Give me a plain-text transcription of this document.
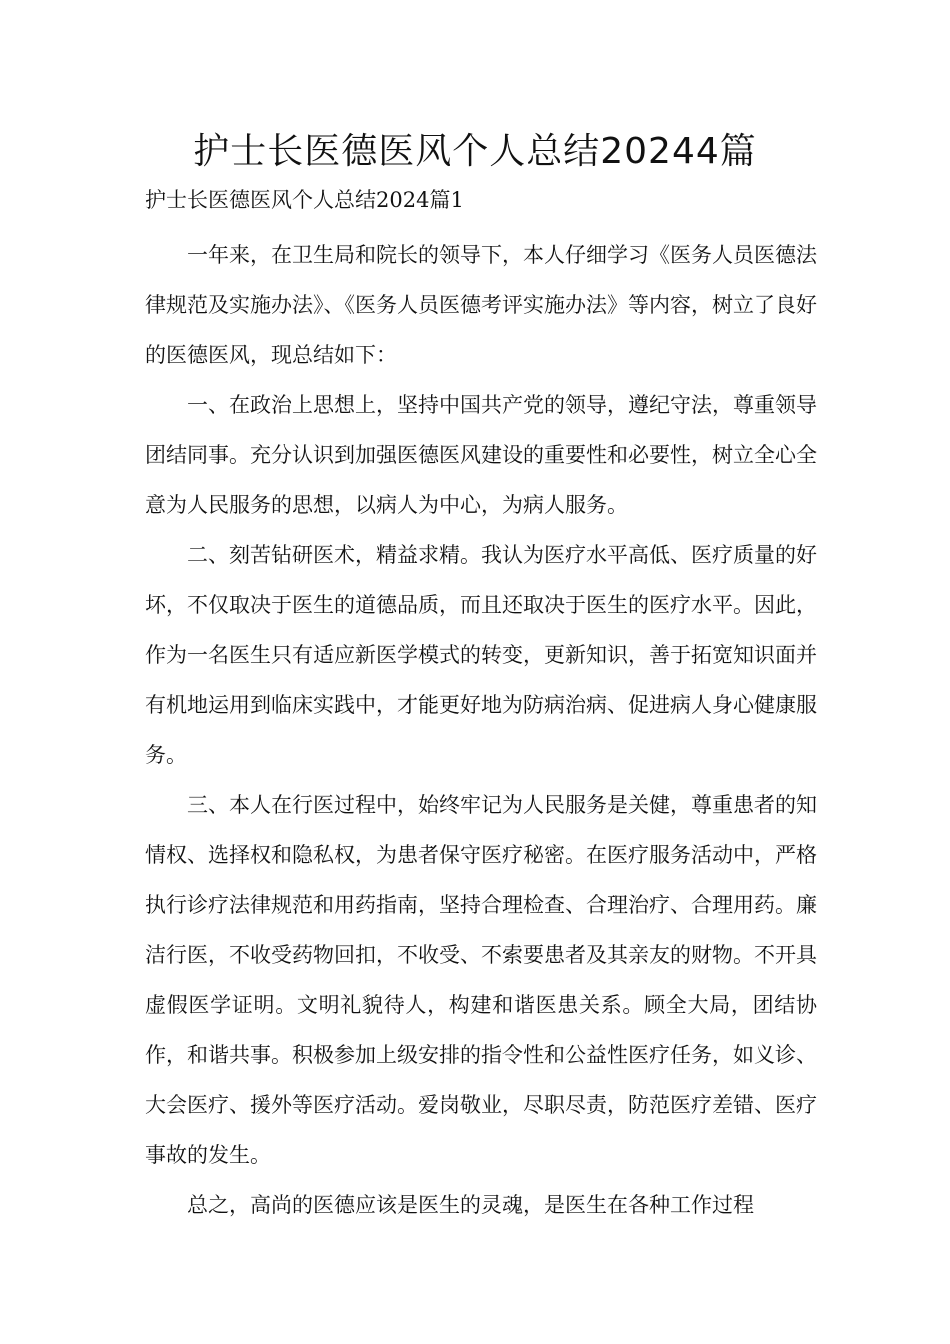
护士长医德医风个人总结20244篇

护士长医德医风个人总结2024篇1

一年来，在卫生局和院长的领导下，本人仔细学习《医务人员医德法律规范及实施办法》、《医务人员医德考评实施办法》等内容，树立了良好的医德医风，现总结如下：

一、在政治上思想上，坚持中国共产党的领导，遵纪守法，尊重领导团结同事。充分认识到加强医德医风建设的重要性和必要性，树立全心全意为人民服务的思想，以病人为中心，为病人服务。

二、刻苦钻研医术，精益求精。我认为医疗水平高低、医疗质量的好坏，不仅取决于医生的道德品质，而且还取决于医生的医疗水平。因此，作为一名医生只有适应新医学模式的转变，更新知识，善于拓宽知识面并有机地运用到临床实践中，才能更好地为防病治病、促进病人身心健康服务。

三、本人在行医过程中，始终牢记为人民服务是关健，尊重患者的知情权、选择权和隐私权，为患者保守医疗秘密。在医疗服务活动中，严格执行诊疗法律规范和用药指南，坚持合理检查、合理治疗、合理用药。廉洁行医，不收受药物回扣，不收受、不索要患者及其亲友的财物。不开具虚假医学证明。文明礼貌待人，构建和谐医患关系。顾全大局，团结协作，和谐共事。积极参加上级安排的指令性和公益性医疗任务，如义诊、大会医疗、援外等医疗活动。爱岗敬业，尽职尽责，防范医疗差错、医疗事故的发生。

总之，高尚的医德应该是医生的灵魂，是医生在各种工作过程
